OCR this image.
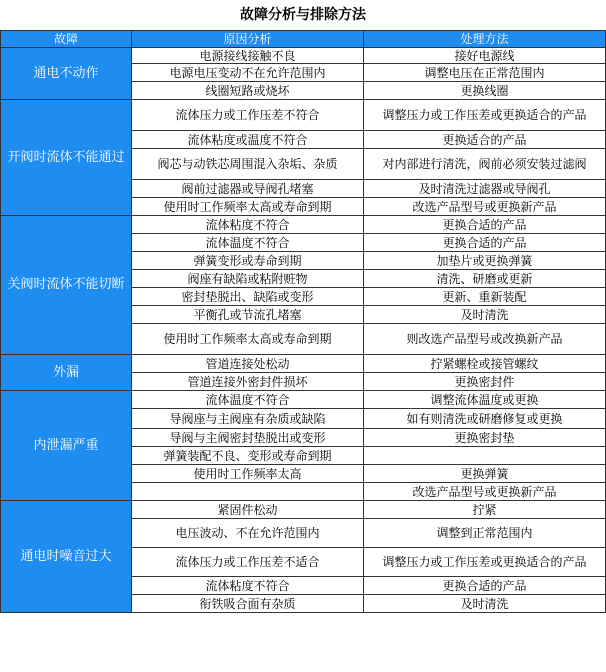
故障分析与排除方法
故障	原因分析	处理方法
通电不动作	电源接线接触不良	接好电源线
	电源电压变动不在允许范围内	调整电压在正常范围内
	线圈短路或烧坏	更换线圈
开阀时流体不能通过	流体压力或工作压差不符合	调整压力或工作压差或更换适合的产品
	流体粘度或温度不符合	更换适合的产品
	阀芯与动铁芯周围混入杂垢、杂质	对内部进行清洗，阀前必须安装过滤阀
	阀前过滤器或导阀孔堵塞	及时清洗过滤器或导阀孔
	使用时工作频率太高或寿命到期	改选产品型号或更换新产品
关阀时流体不能切断	流体粘度不符合	更换合适的产品
	流体温度不符合	更换合适的产品
	弹簧变形或寿命到期	加垫片或更换弹簧
	阀座有缺陷或粘附赃物	清洗、研磨或更新
	密封垫脱出、缺陷或变形	更新、重新装配
	平衡孔或节流孔堵塞	及时清洗
	使用时工作频率太高或寿命到期	则改选产品型号或改换新产品
外漏	管道连接处松动	拧紧螺栓或接管螺纹
	管道连接外密封件损坏	更换密封件
内泄漏严重	流体温度不符合	调整流体温度或更换
	导阀座与主阀座有杂质或缺陷	如有则清洗或研磨修复或更换
	导阀与主阀密封垫脱出或变形	更换密封垫
	弹簧装配不良、变形或寿命到期	
	使用时工作频率太高	更换弹簧
		改选产品型号或更换新产品
通电时噪音过大	紧固件松动	拧紧
	电压波动、不在允许范围内	调整到正常范围内
	流体压力或工作压差不适合	调整压力或工作压差或更换适合的产品
	流体粘度不符合	更换合适的产品
	衔铁吸合面有杂质	及时清洗
